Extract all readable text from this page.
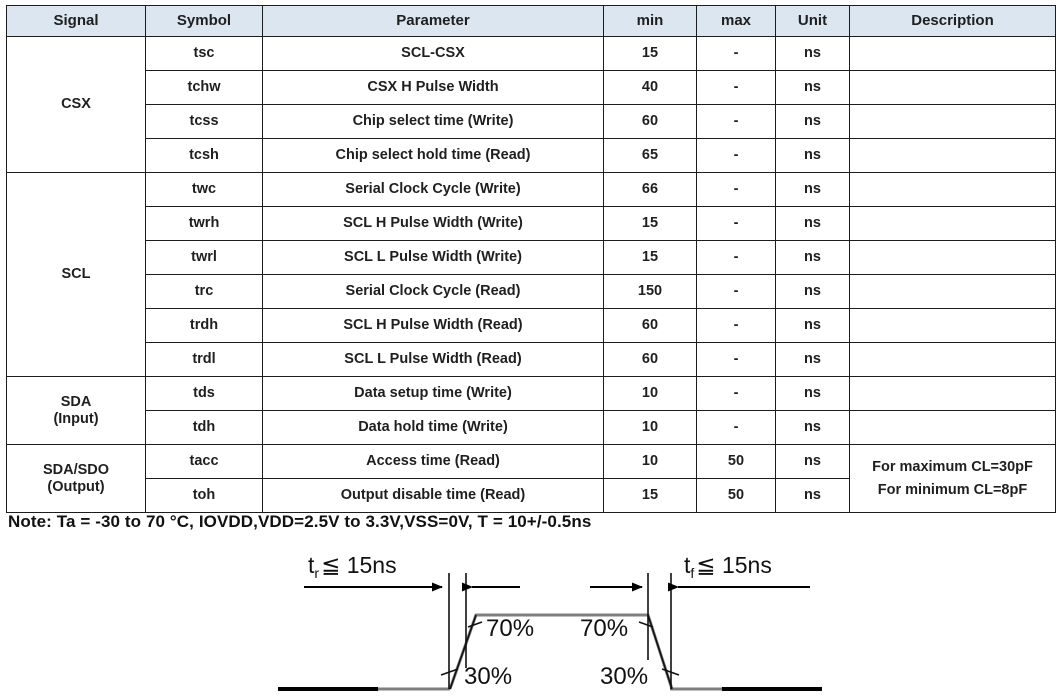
Signal	Symbol	Parameter	min	max	Unit	Description
CSX	tsc	SCL-CSX	15	-	ns	
	tchw	CSX H Pulse Width	40	-	ns	
	tcss	Chip select time (Write)	60	-	ns	
	tcsh	Chip select hold time (Read)	65	-	ns	
SCL	twc	Serial Clock Cycle (Write)	66	-	ns	
	twrh	SCL H Pulse Width (Write)	15	-	ns	
	twrl	SCL L Pulse Width (Write)	15	-	ns	
	trc	Serial Clock Cycle (Read)	150	-	ns	
	trdh	SCL H Pulse Width (Read)	60	-	ns	
	trdl	SCL L Pulse Width (Read)	60	-	ns	
SDA
(Input)	tds	Data setup time (Write)	10	-	ns	
	tdh	Data hold time (Write)	10	-	ns	
SDA/SDO
(Output)	tacc	Access time (Read)	10	50	ns	For maximum CL=30pF
For minimum CL=8pF

	toh	Output disable time (Read)	15	50	ns	
Note: Ta = -30 to 70 °C, IOVDD,VDD=2.5V to 3.3V,VSS=0V, T = 10+/-0.5ns
$t_r≦$ 15ns	$t_f≦$ 15ns
70% 70%
30%	30%
